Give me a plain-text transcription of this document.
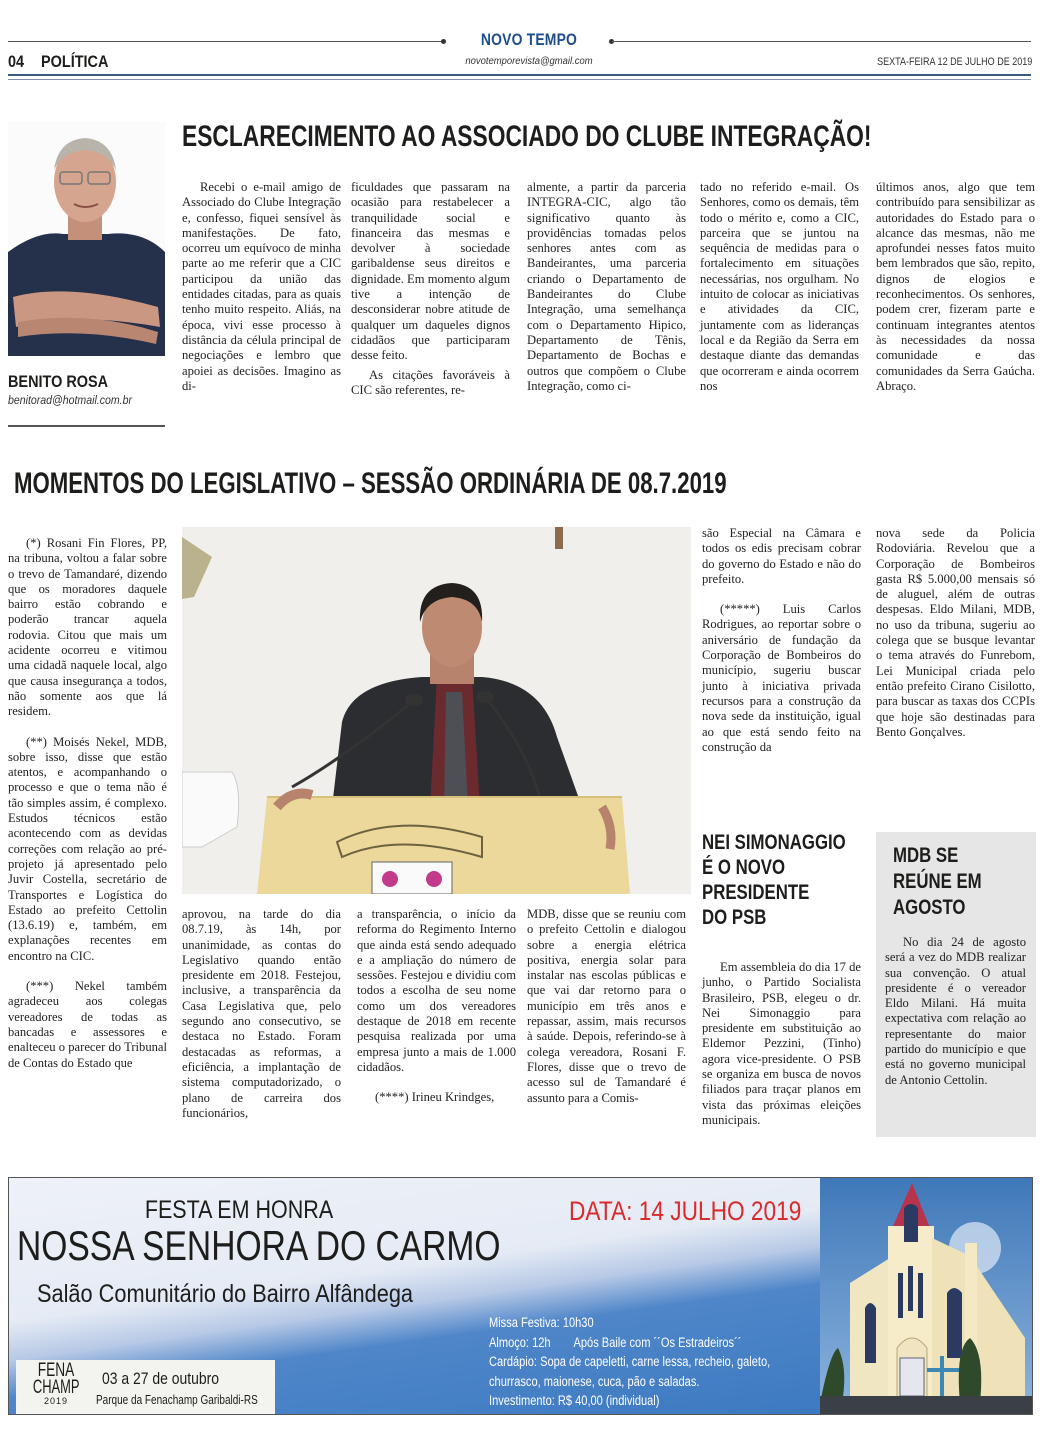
NOVO TEMPO
novotemporevista@gmail.com
04 POLÍTICA	SEXTA-FEIRA 12 DE JULHO DE 2019
BENITO ROSA
benitorad@hotmail.com.br
ESCLARECIMENTO AO ASSOCIADO DO CLUBE INTEGRAÇÃO!

Recebi o e-mail amigo de Associado do Clube Integração e, confesso, fiquei sensível às manifestações. De fato, ocorreu um equívoco de minha parte ao me referir que a CIC participou da união das entidades citadas, para as quais tenho muito respeito. Aliás, na época, vivi esse processo à distância da célula principal de negociações e lembro que apoiei as decisões. Imagino as di-

ficuldades que passaram na ocasião para restabelecer a tranquilidade social e financeira das mesmas e devolver à sociedade garibaldense seus direitos e dignidade. Em momento algum tive a intenção de desconsiderar nobre atitude de qualquer um daqueles dignos cidadãos que participaram desse feito.

As citações favoráveis à CIC são referentes, re-

almente, a partir da parceria INTEGRA-CIC, algo tão significativo quanto às providências tomadas pelos senhores antes com as Bandeirantes, uma parceria criando o Departamento de Bandeirantes do Clube Integração, uma semelhança com o Departamento Hipico, Departamento de Tênis, Departamento de Bochas e outros que compõem o Clube Integração, como ci-

tado no referido e-mail. Os Senhores, como os demais, têm todo o mérito e, como a CIC, parceira que se juntou na sequência de medidas para o fortalecimento em situações necessárias, nos orgulham. No intuito de colocar as iniciativas e atividades da CIC, juntamente com as lideranças local e da Região da Serra em destaque diante das demandas que ocorreram e ainda ocorrem nos

últimos anos, algo que tem contribuído para sensibilizar as autoridades do Estado para o alcance das mesmas, não me aprofundei nesses fatos muito bem lembrados que são, repito, dignos de elogios e reconhecimentos. Os senhores, podem crer, fizeram parte e continuam integrantes atentos às necessidades da nossa comunidade e das comunidades da Serra Gaúcha. Abraço.

MOMENTOS DO LEGISLATIVO – SESSÃO ORDINÁRIA DE 08.7.2019

(*) Rosani Fin Flores, PP, na tribuna, voltou a falar sobre o trevo de Tamandaré, dizendo que os moradores daquele bairro estão cobrando e poderão trancar aquela rodovia. Citou que mais um acidente ocorreu e vitimou uma cidadã naquele local, algo que causa insegurança a todos, não somente aos que lá residem.

(**) Moisés Nekel, MDB, sobre isso, disse que estão atentos, e acompanhando o processo e que o tema não é tão simples assim, é complexo. Estudos técnicos estão acontecendo com as devidas correções com relação ao pré-projeto já apresentado pelo Juvir Costella, secretário de Transportes e Logística do Estado ao prefeito Cettolin (13.6.19) e, também, em explanações recentes em encontro na CIC.

(***) Nekel também agradeceu aos colegas vereadores de todas as bancadas e assessores e enalteceu o parecer do Tribunal de Contas do Estado que

aprovou, na tarde do dia 08.7.19, às 14h, por unanimidade, as contas do Legislativo quando então presidente em 2018. Festejou, inclusive, a transparência da Casa Legislativa que, pelo segundo ano consecutivo, se destaca no Estado. Foram destacadas as reformas, a eficiência, a implantação de sistema computadorizado, o plano de carreira dos funcionários,

a transparência, o início da reforma do Regimento Interno que ainda está sendo adequado e a ampliação do número de sessões. Festejou e dividiu com todos a escolha de seu nome como um dos vereadores destaque de 2018 em recente pesquisa realizada por uma empresa junto a mais de 1.000 cidadãos.

(****) Irineu Krindges,

MDB, disse que se reuniu com o prefeito Cettolin e dialogou sobre a energia elétrica positiva, energia solar para instalar nas escolas públicas e que vai dar retorno para o município em três anos e repassar, assim, mais recursos à saúde. Depois, referindo-se à colega vereadora, Rosani F. Flores, disse que o trevo de acesso sul de Tamandaré é assunto para a Comis-

são Especial na Câmara e todos os edis precisam cobrar do governo do Estado e não do prefeito.

(*****) Luis Carlos Rodrigues, ao reportar sobre o aniversário de fundação da Corporação de Bombeiros do município, sugeriu buscar junto à iniciativa privada recursos para a construção da nova sede da instituição, igual ao que está sendo feito na construção da

nova sede da Policia Rodoviária. Revelou que a Corporação de Bombeiros gasta R$ 5.000,00 mensais só de aluguel, além de outras despesas. Eldo Milani, MDB, no uso da tribuna, sugeriu ao colega que se busque levantar o tema através do Funrebom, Lei Municipal criada pelo então prefeito Cirano Cisilotto, para buscar as taxas dos CCPIs que hoje são destinadas para Bento Gonçalves.

NEI SIMONAGGIO
É O NOVO
PRESIDENTE
DO PSB

Em assembleia do dia 17 de junho, o Partido Socialista Brasileiro, PSB, elegeu o dr. Nei Simonaggio para presidente em substituição ao Eldemor Pezzini, (Tinho) agora vice-presidente. O PSB se organiza em busca de novos filiados para traçar planos em vista das próximas eleições municipais.

MDB SE
REÚNE EM
AGOSTO

No dia 24 de agosto será a vez do MDB realizar sua convenção. O atual presidente é o vereador Eldo Milani. Há muita expectativa com relação ao representante do maior partido do município e que está no governo municipal de Antonio Cettolin.

FESTA EM HONRA
NOSSA SENHORA DO CARMO
Salão Comunitário do Bairro Alfândega
DATA: 14 JULHO 2019
Missa Festiva: 10h30
Almoço: 12h Após Baile com ´´Os Estradeiros´´
Cardápio: Sopa de capeletti, carne lessa, recheio, galeto,
churrasco, maionese, cuca, pão e saladas.
Investimento: R$ 40,00 (individual)
FENA
CHAMP
2019
03 a 27 de outubro
Parque da Fenachamp Garibaldi-RS
